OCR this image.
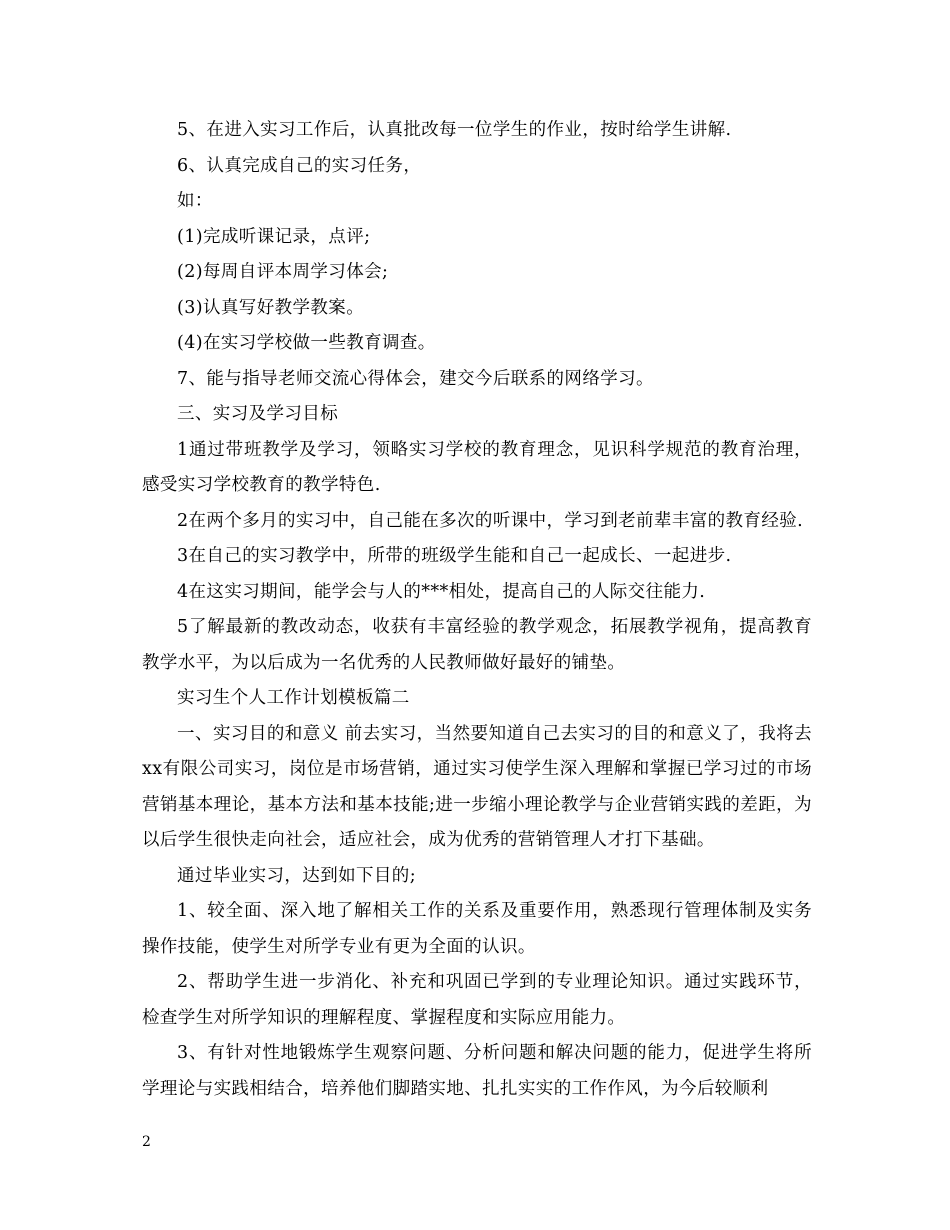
5、在进入实习工作后，认真批改每一位学生的作业，按时给学生讲解.

6、认真完成自己的实习任务，

如：

(1)完成听课记录，点评;

(2)每周自评本周学习体会;

(3)认真写好教学教案。

(4)在实习学校做一些教育调查。

7、能与指导老师交流心得体会，建交今后联系的网络学习。

三、实习及学习目标

1通过带班教学及学习，领略实习学校的教育理念，见识科学规范的教育治理，感受实习学校教育的教学特色.

2在两个多月的实习中，自己能在多次的听课中，学习到老前辈丰富的教育经验.

3在自己的实习教学中，所带的班级学生能和自己一起成长、一起进步.

4在这实习期间，能学会与人的***相处，提高自己的人际交往能力.

5了解最新的教改动态，收获有丰富经验的教学观念，拓展教学视角，提高教育教学水平，为以后成为一名优秀的人民教师做好最好的铺垫。

实习生个人工作计划模板篇二

一、实习目的和意义 前去实习，当然要知道自己去实习的目的和意义了，我将去xx有限公司实习，岗位是市场营销，通过实习使学生深入理解和掌握已学习过的市场营销基本理论，基本方法和基本技能;进一步缩小理论教学与企业营销实践的差距，为以后学生很快走向社会，适应社会，成为优秀的营销管理人才打下基础。

通过毕业实习，达到如下目的;

1、较全面、深入地了解相关工作的关系及重要作用，熟悉现行管理体制及实务操作技能，使学生对所学专业有更为全面的认识。

2、帮助学生进一步消化、补充和巩固已学到的专业理论知识。通过实践环节，检查学生对所学知识的理解程度、掌握程度和实际应用能力。

3、有针对性地锻炼学生观察问题、分析问题和解决问题的能力，促进学生将所学理论与实践相结合，培养他们脚踏实地、扎扎实实的工作作风，为今后较顺利

2
